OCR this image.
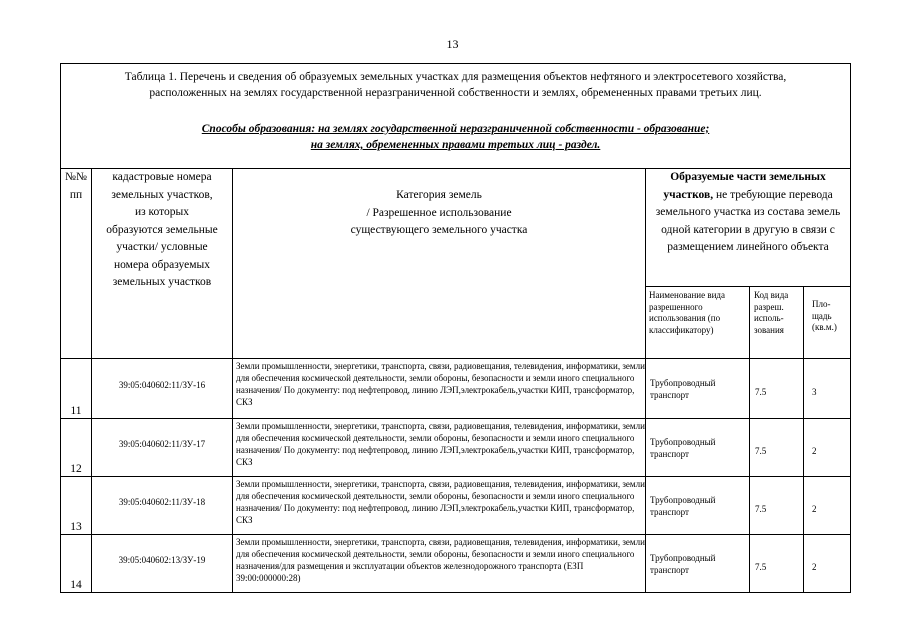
13
Таблица 1. Перечень и сведения об образуемых земельных участках для размещения объектов нефтяного и электросетевого хозяйства,
расположенных на землях государственной неразграниченной собственности и землях, обремененных правами третьих лиц.
Способы образования: на землях государственной неразграниченной собственности - образование;
на землях, обремененных правами третьих лиц - раздел.					

№№ пп	кадастровые номера земельных участков, из которых образуются земельные участки/ условные номера образуемых земельных участков	Категория земель
/ Разрешенное использование
существующего земельного участка	Образуемые части земельных участков, не требующие перевода земельного участка из состава земель одной категории в другую в связи с размещением линейного объекта		

			Наименование вида разрешенного использования (по классификатору)	Код вида разреш. исполь-зования	Пло-щадь (кв.м.)
11	39:05:040602:11/ЗУ-16	Земли промышленности, энергетики, транспорта, связи, радиовещания, телевидения, информатики, земли для обеспечения космической деятельности, земли обороны, безопасности и земли иного специального назначения/ По документу: под нефтепровод, линию ЛЭП,электрокабель,участки КИП, трансформатор, СКЗ	Трубопроводный транспорт	7.5	3
12	39:05:040602:11/ЗУ-17	Земли промышленности, энергетики, транспорта, связи, радиовещания, телевидения, информатики, земли для обеспечения космической деятельности, земли обороны, безопасности и земли иного специального назначения/ По документу: под нефтепровод, линию ЛЭП,электрокабель,участки КИП, трансформатор, СКЗ	Трубопроводный транспорт	7.5	2
13	39:05:040602:11/ЗУ-18	Земли промышленности, энергетики, транспорта, связи, радиовещания, телевидения, информатики, земли для обеспечения космической деятельности, земли обороны, безопасности и земли иного специального назначения/ По документу: под нефтепровод, линию ЛЭП,электрокабель,участки КИП, трансформатор, СКЗ	Трубопроводный транспорт	7.5	2
14	39:05:040602:13/ЗУ-19	Земли промышленности, энергетики, транспорта, связи, радиовещания, телевидения, информатики, земли для обеспечения космической деятельности, земли обороны, безопасности и земли иного специального назначения/для размещения и эксплуатации объектов железнодорожного транспорта (ЕЗП 39:00:000000:28)	Трубопроводный транспорт	7.5	2
